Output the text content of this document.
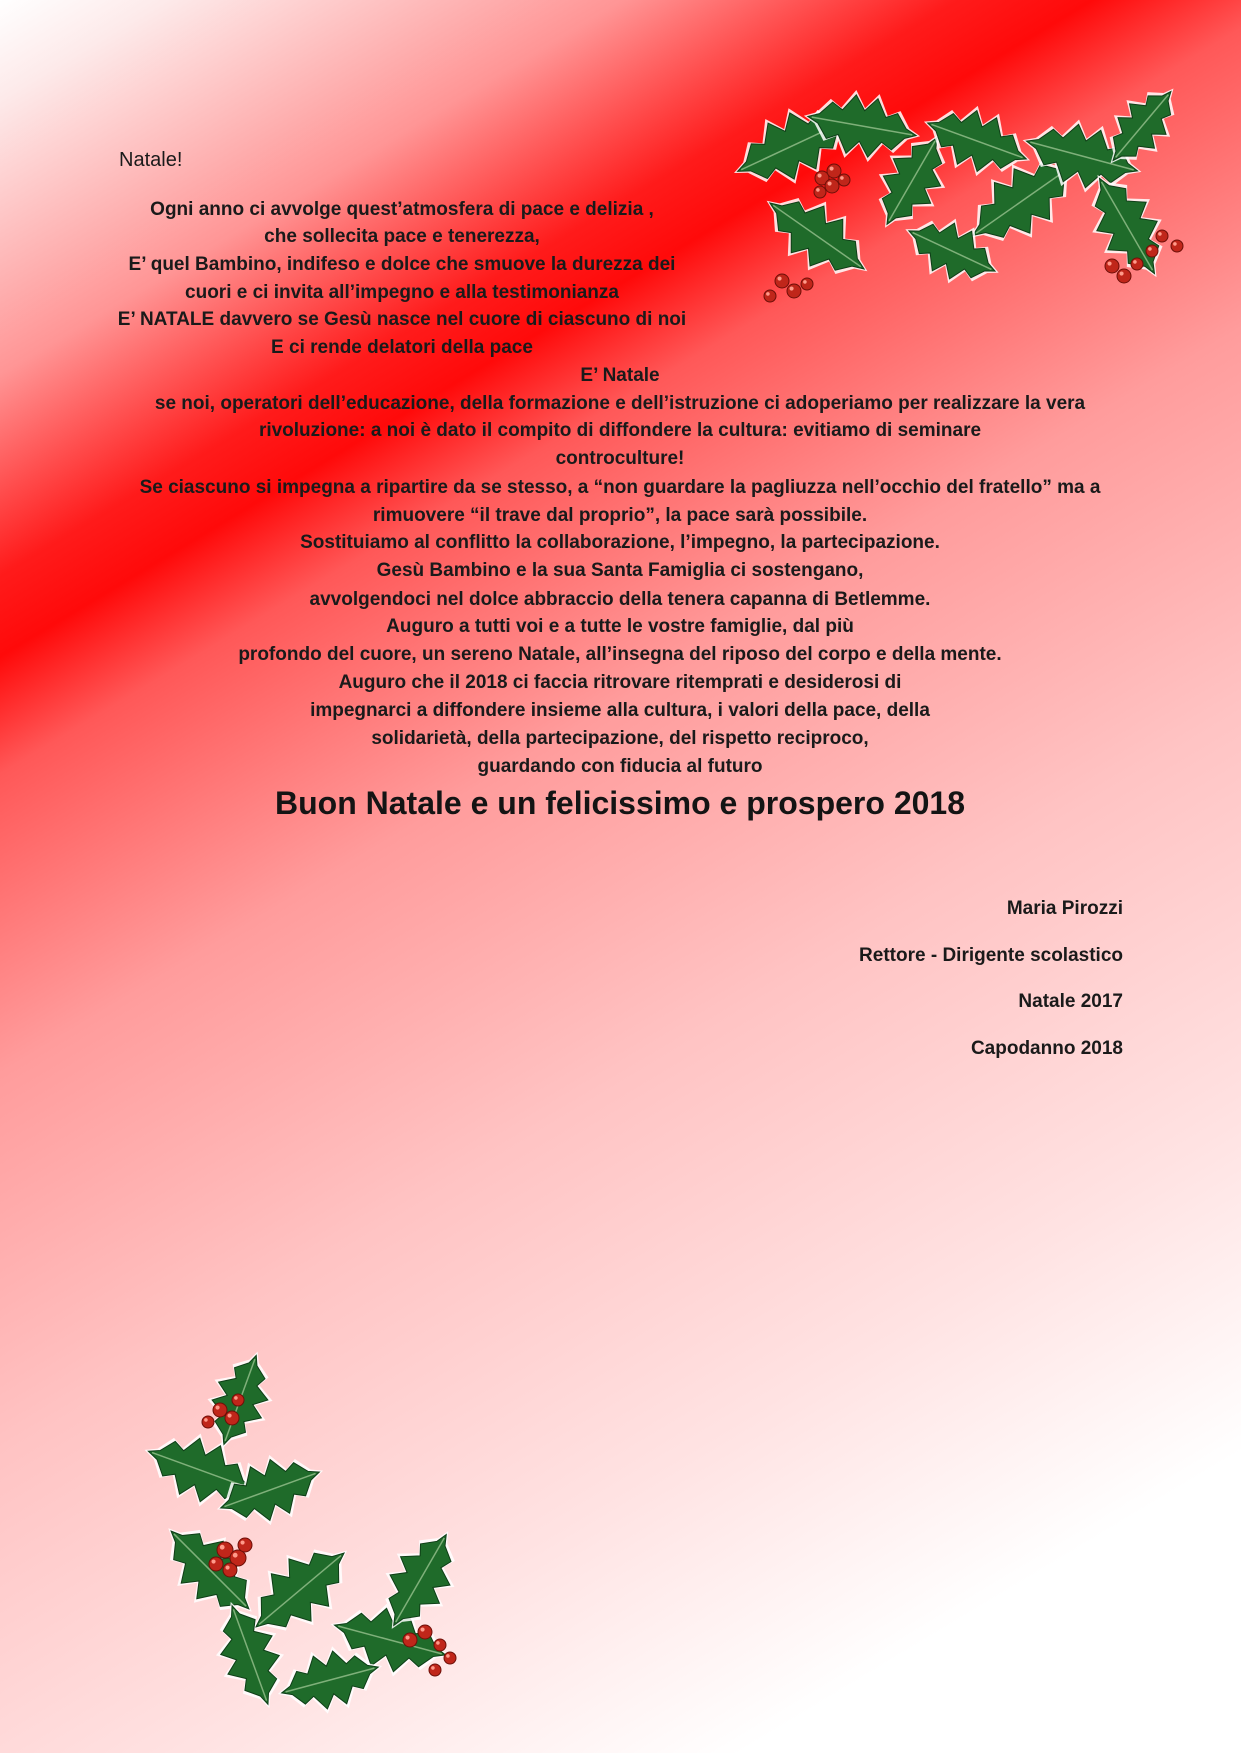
Natale!

Ogni anno ci avvolge quest’atmosfera di pace e delizia ,

che sollecita pace e tenerezza,

E’ quel Bambino, indifeso e dolce che smuove la durezza dei

cuori e ci invita all’impegno e alla testimonianza

E’ NATALE davvero se Gesù nasce nel cuore di ciascuno di noi

E ci rende delatori della pace

E’ Natale

se noi, operatori dell’educazione, della formazione e dell’istruzione ci adoperiamo per realizzare la vera

rivoluzione: a noi è dato il compito di diffondere la cultura: evitiamo di seminare

controculture!

Se ciascuno si impegna a ripartire da se stesso, a “non guardare la pagliuzza nell’occhio del fratello” ma a

rimuovere “il trave dal proprio”, la pace sarà possibile.

Sostituiamo al conflitto la collaborazione, l’impegno, la partecipazione.

Gesù Bambino e la sua Santa Famiglia ci sostengano,

avvolgendoci nel dolce abbraccio della tenera capanna di Betlemme.

Auguro a tutti voi e a tutte le vostre famiglie, dal più

profondo del cuore, un sereno Natale, all’insegna del riposo del corpo e della mente.

Auguro che il 2018 ci faccia ritrovare ritemprati e desiderosi di

impegnarci a diffondere insieme alla cultura, i valori della pace, della

solidarietà, della partecipazione, del rispetto reciproco,

guardando con fiducia al futuro

Buon Natale e un felicissimo e prospero 2018

Maria Pirozzi

Rettore - Dirigente scolastico

Natale 2017

Capodanno 2018
